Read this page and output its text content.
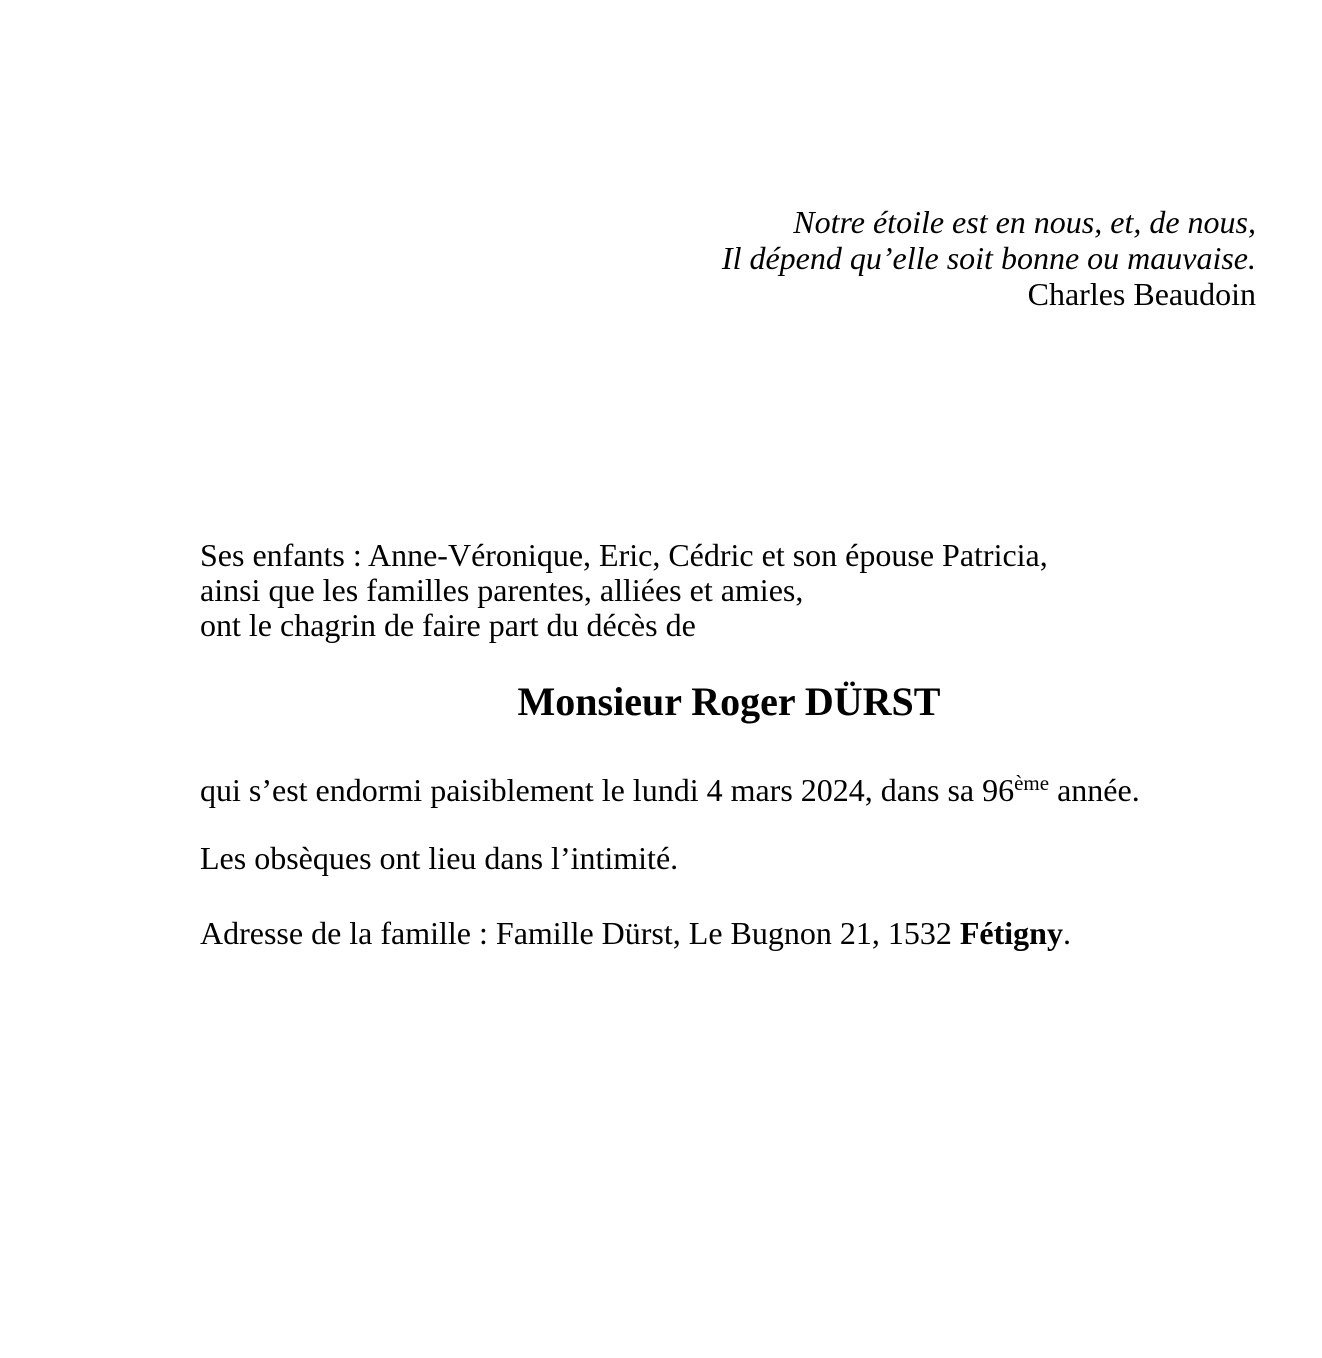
Notre étoile est en nous, et, de nous,
Il dépend qu’elle soit bonne ou mauvaise.
Charles Beaudoin
Ses enfants : Anne-Véronique, Eric, Cédric et son épouse Patricia,
ainsi que les familles parentes, alliées et amies,
ont le chagrin de faire part du décès de
Monsieur Roger DÜRST
qui s’est endormi paisiblement le lundi 4 mars 2024, dans sa 96ème année.
Les obsèques ont lieu dans l’intimité.
Adresse de la famille : Famille Dürst, Le Bugnon 21, 1532 Fétigny.
